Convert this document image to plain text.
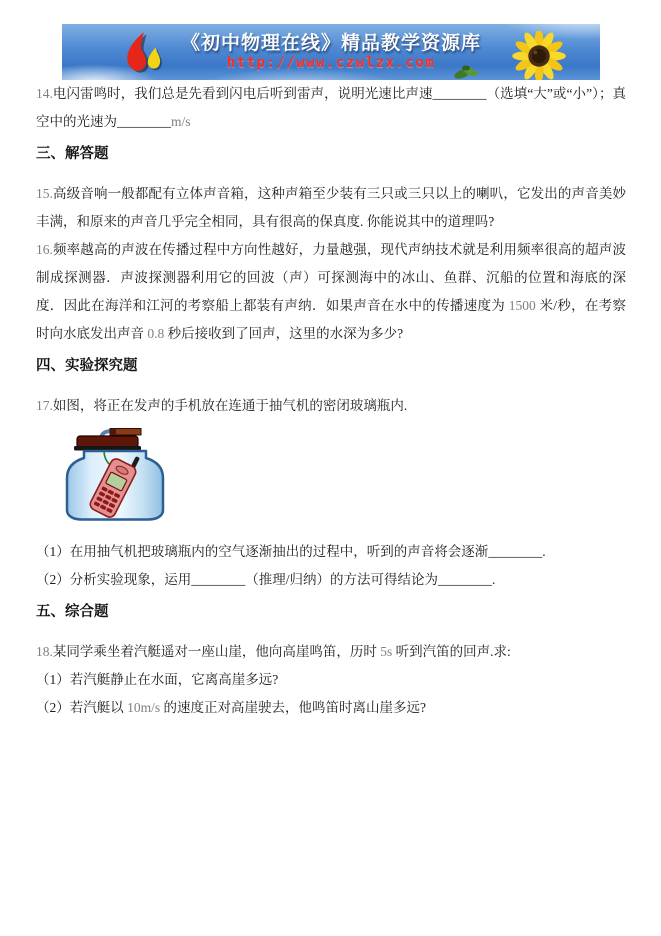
《初中物理在线》精品教学资源库
http://www.czwlzx.com

14.电闪雷鸣时，我们总是先看到闪电后听到雷声，说明光速比声速________（选填“大”或“小”）；真空中的光速为________m/s

三、解答题

15.高级音响一般都配有立体声音箱，这种声箱至少装有三只或三只以上的喇叭，它发出的声音美妙丰满，和原来的声音几乎完全相同，具有很高的保真度. 你能说其中的道理吗?

16.频率越高的声波在传播过程中方向性越好，力量越强，现代声纳技术就是利用频率很高的超声波制成探测器．声波探测器利用它的回波（声）可探测海中的冰山、鱼群、沉船的位置和海底的深度．因此在海洋和江河的考察船上都装有声纳．如果声音在水中的传播速度为 1500 米/秒，在考察时向水底发出声音 0.8 秒后接收到了回声，这里的水深为多少?

四、实验探究题

17.如图，将正在发声的手机放在连通于抽气机的密闭玻璃瓶内.

（1）在用抽气机把玻璃瓶内的空气逐渐抽出的过程中，听到的声音将会逐渐________.

（2）分析实验现象，运用________（推理/归纳）的方法可得结论为________.

五、综合题

18.某同学乘坐着汽艇遥对一座山崖，他向高崖鸣笛，历时 5s 听到汽笛的回声.求:

（1）若汽艇静止在水面，它离高崖多远?

（2）若汽艇以 10m/s 的速度正对高崖驶去，他鸣笛时离山崖多远?
